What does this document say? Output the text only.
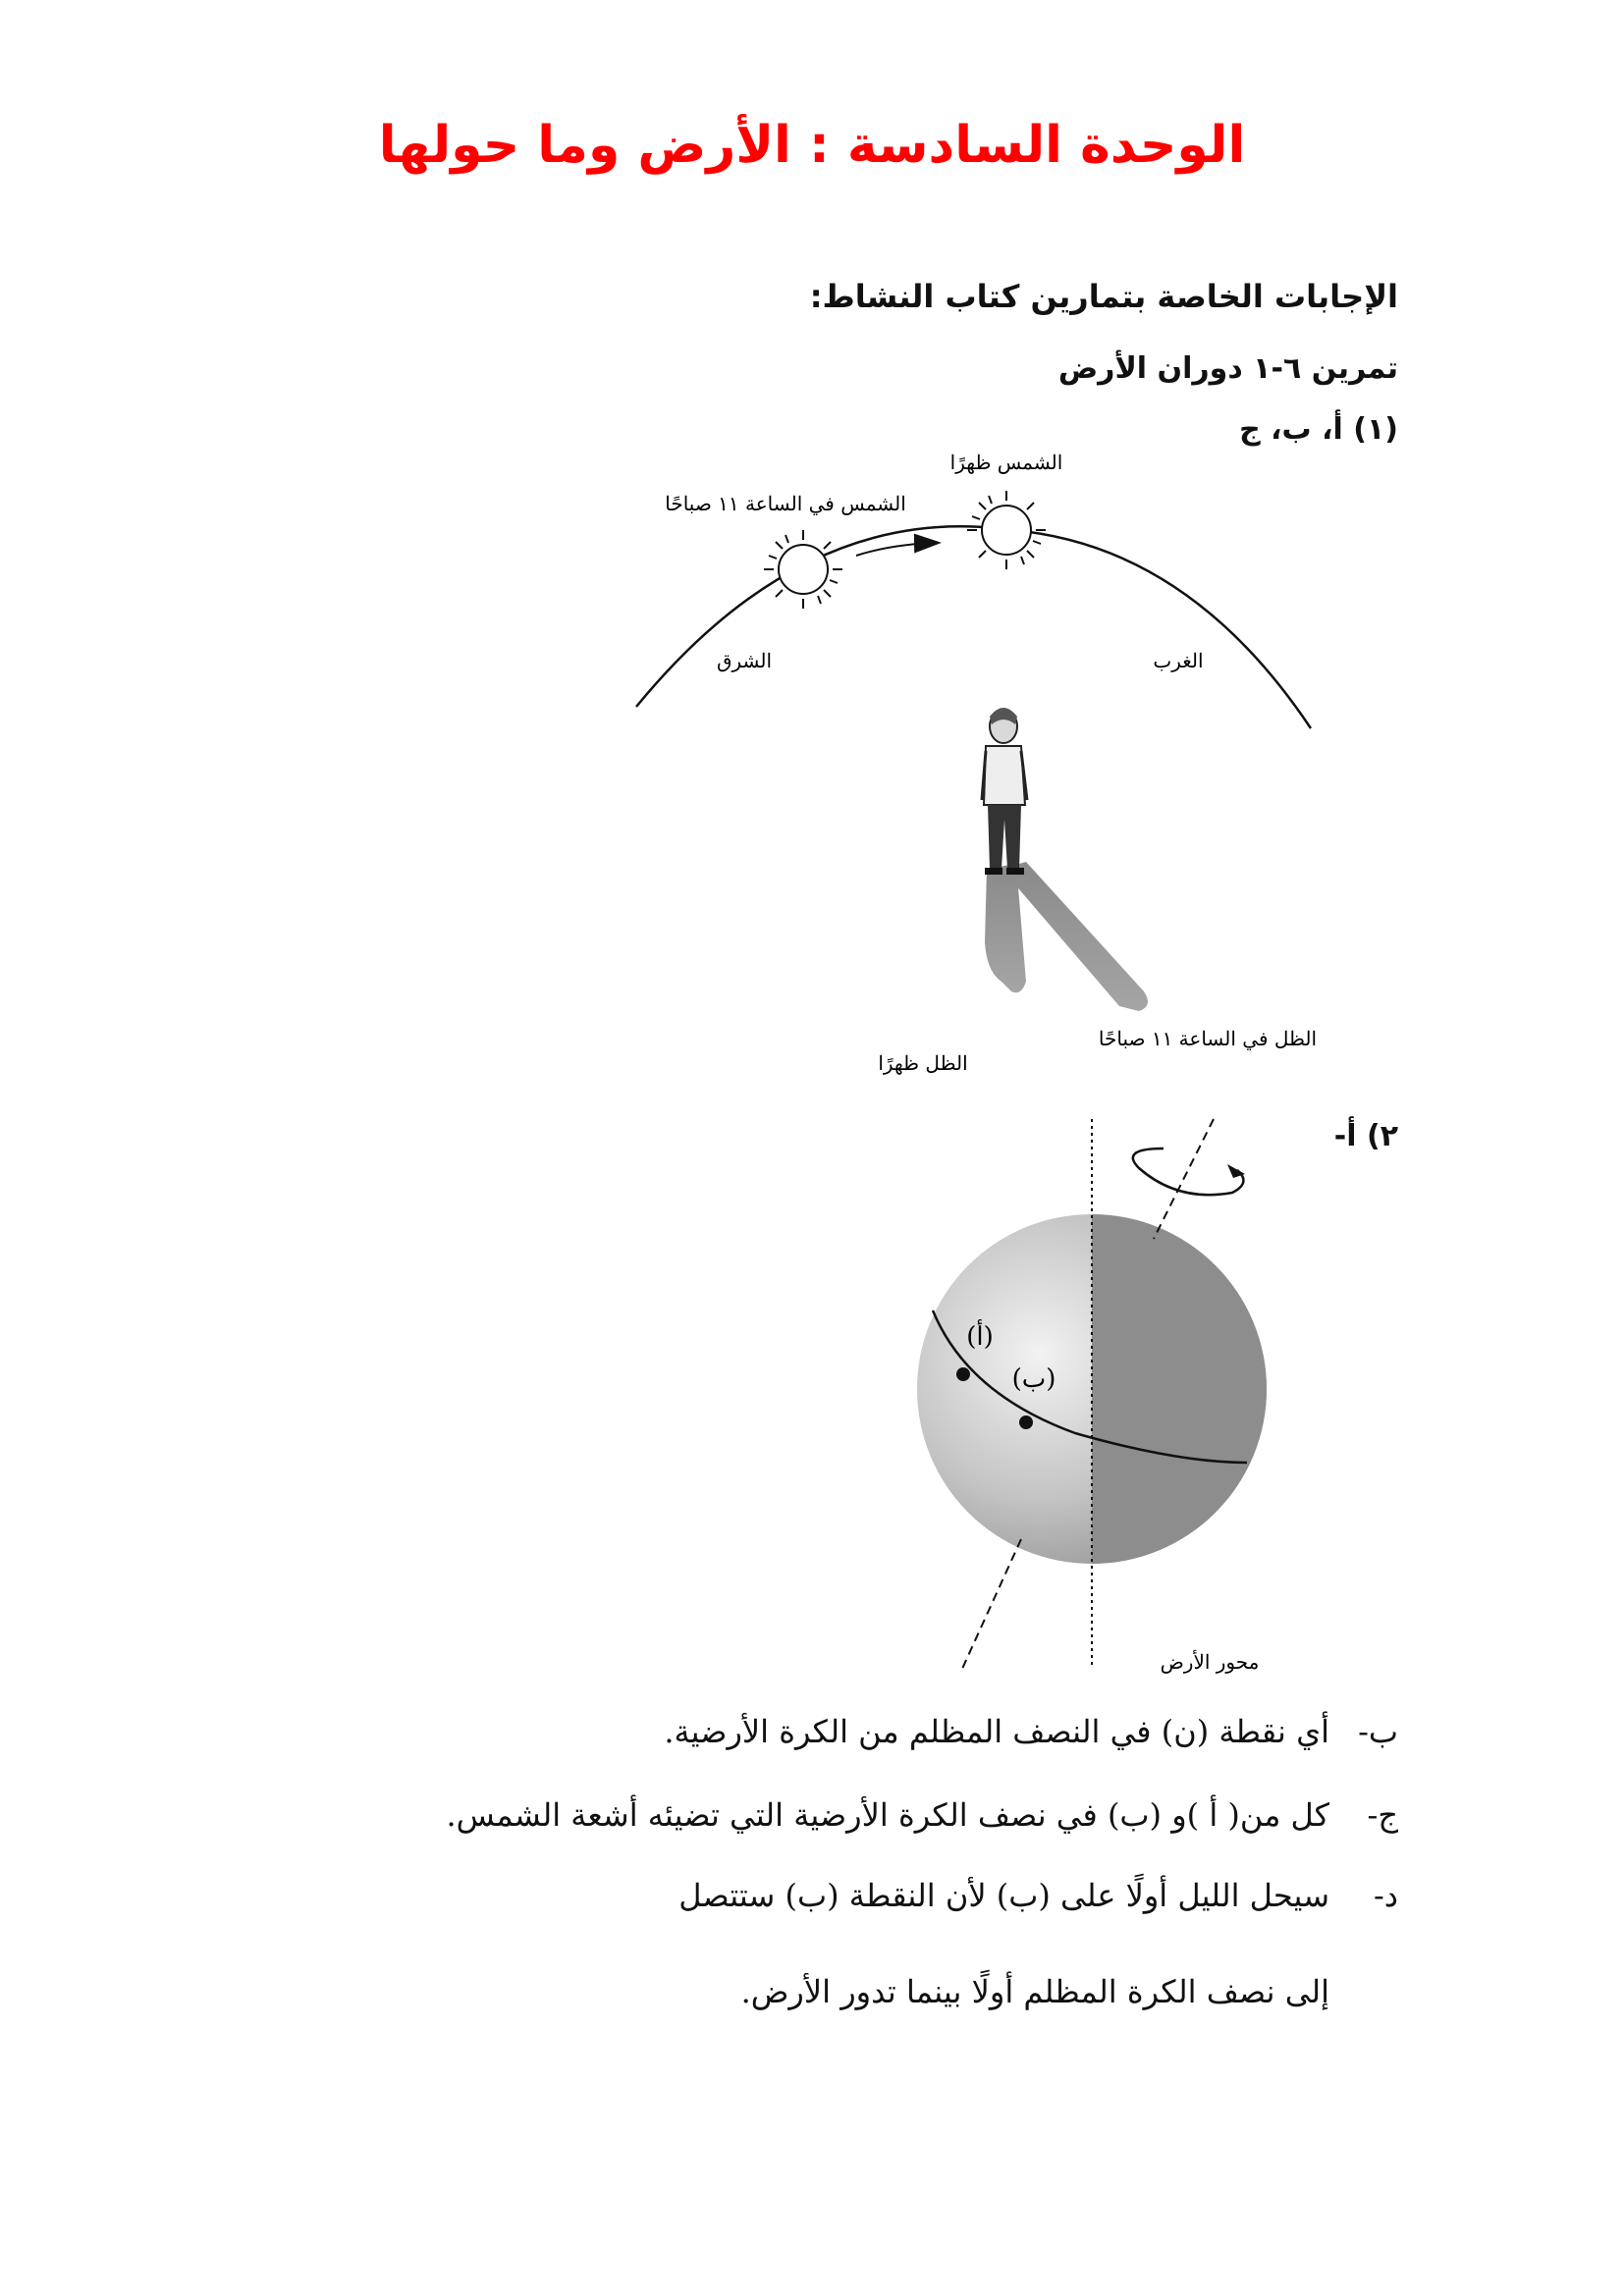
الوحدة السادسة : الأرض وما حولها
الإجابات الخاصة بتمارين كتاب النشاط:
تمرين ٦-١ دوران الأرض
(١) أ، ب، ج
الشمس ظهرًا
الشمس في الساعة ١١ صباحًا
الشرق	الغرب
الظل في الساعة ١١ صباحًا
الظل ظهرًا
٢) أ-
(أ)
(ب)
محور الأرض
ب-أي نقطة (ن) في النصف المظلم من الكرة الأرضية.
ج-كل من( أ )و (ب) في نصف الكرة الأرضية التي تضيئه أشعة الشمس.
د-سيحل الليل أولًا على (ب) لأن النقطة (ب) ستتصل
إلى نصف الكرة المظلم أولًا بينما تدور الأرض.
